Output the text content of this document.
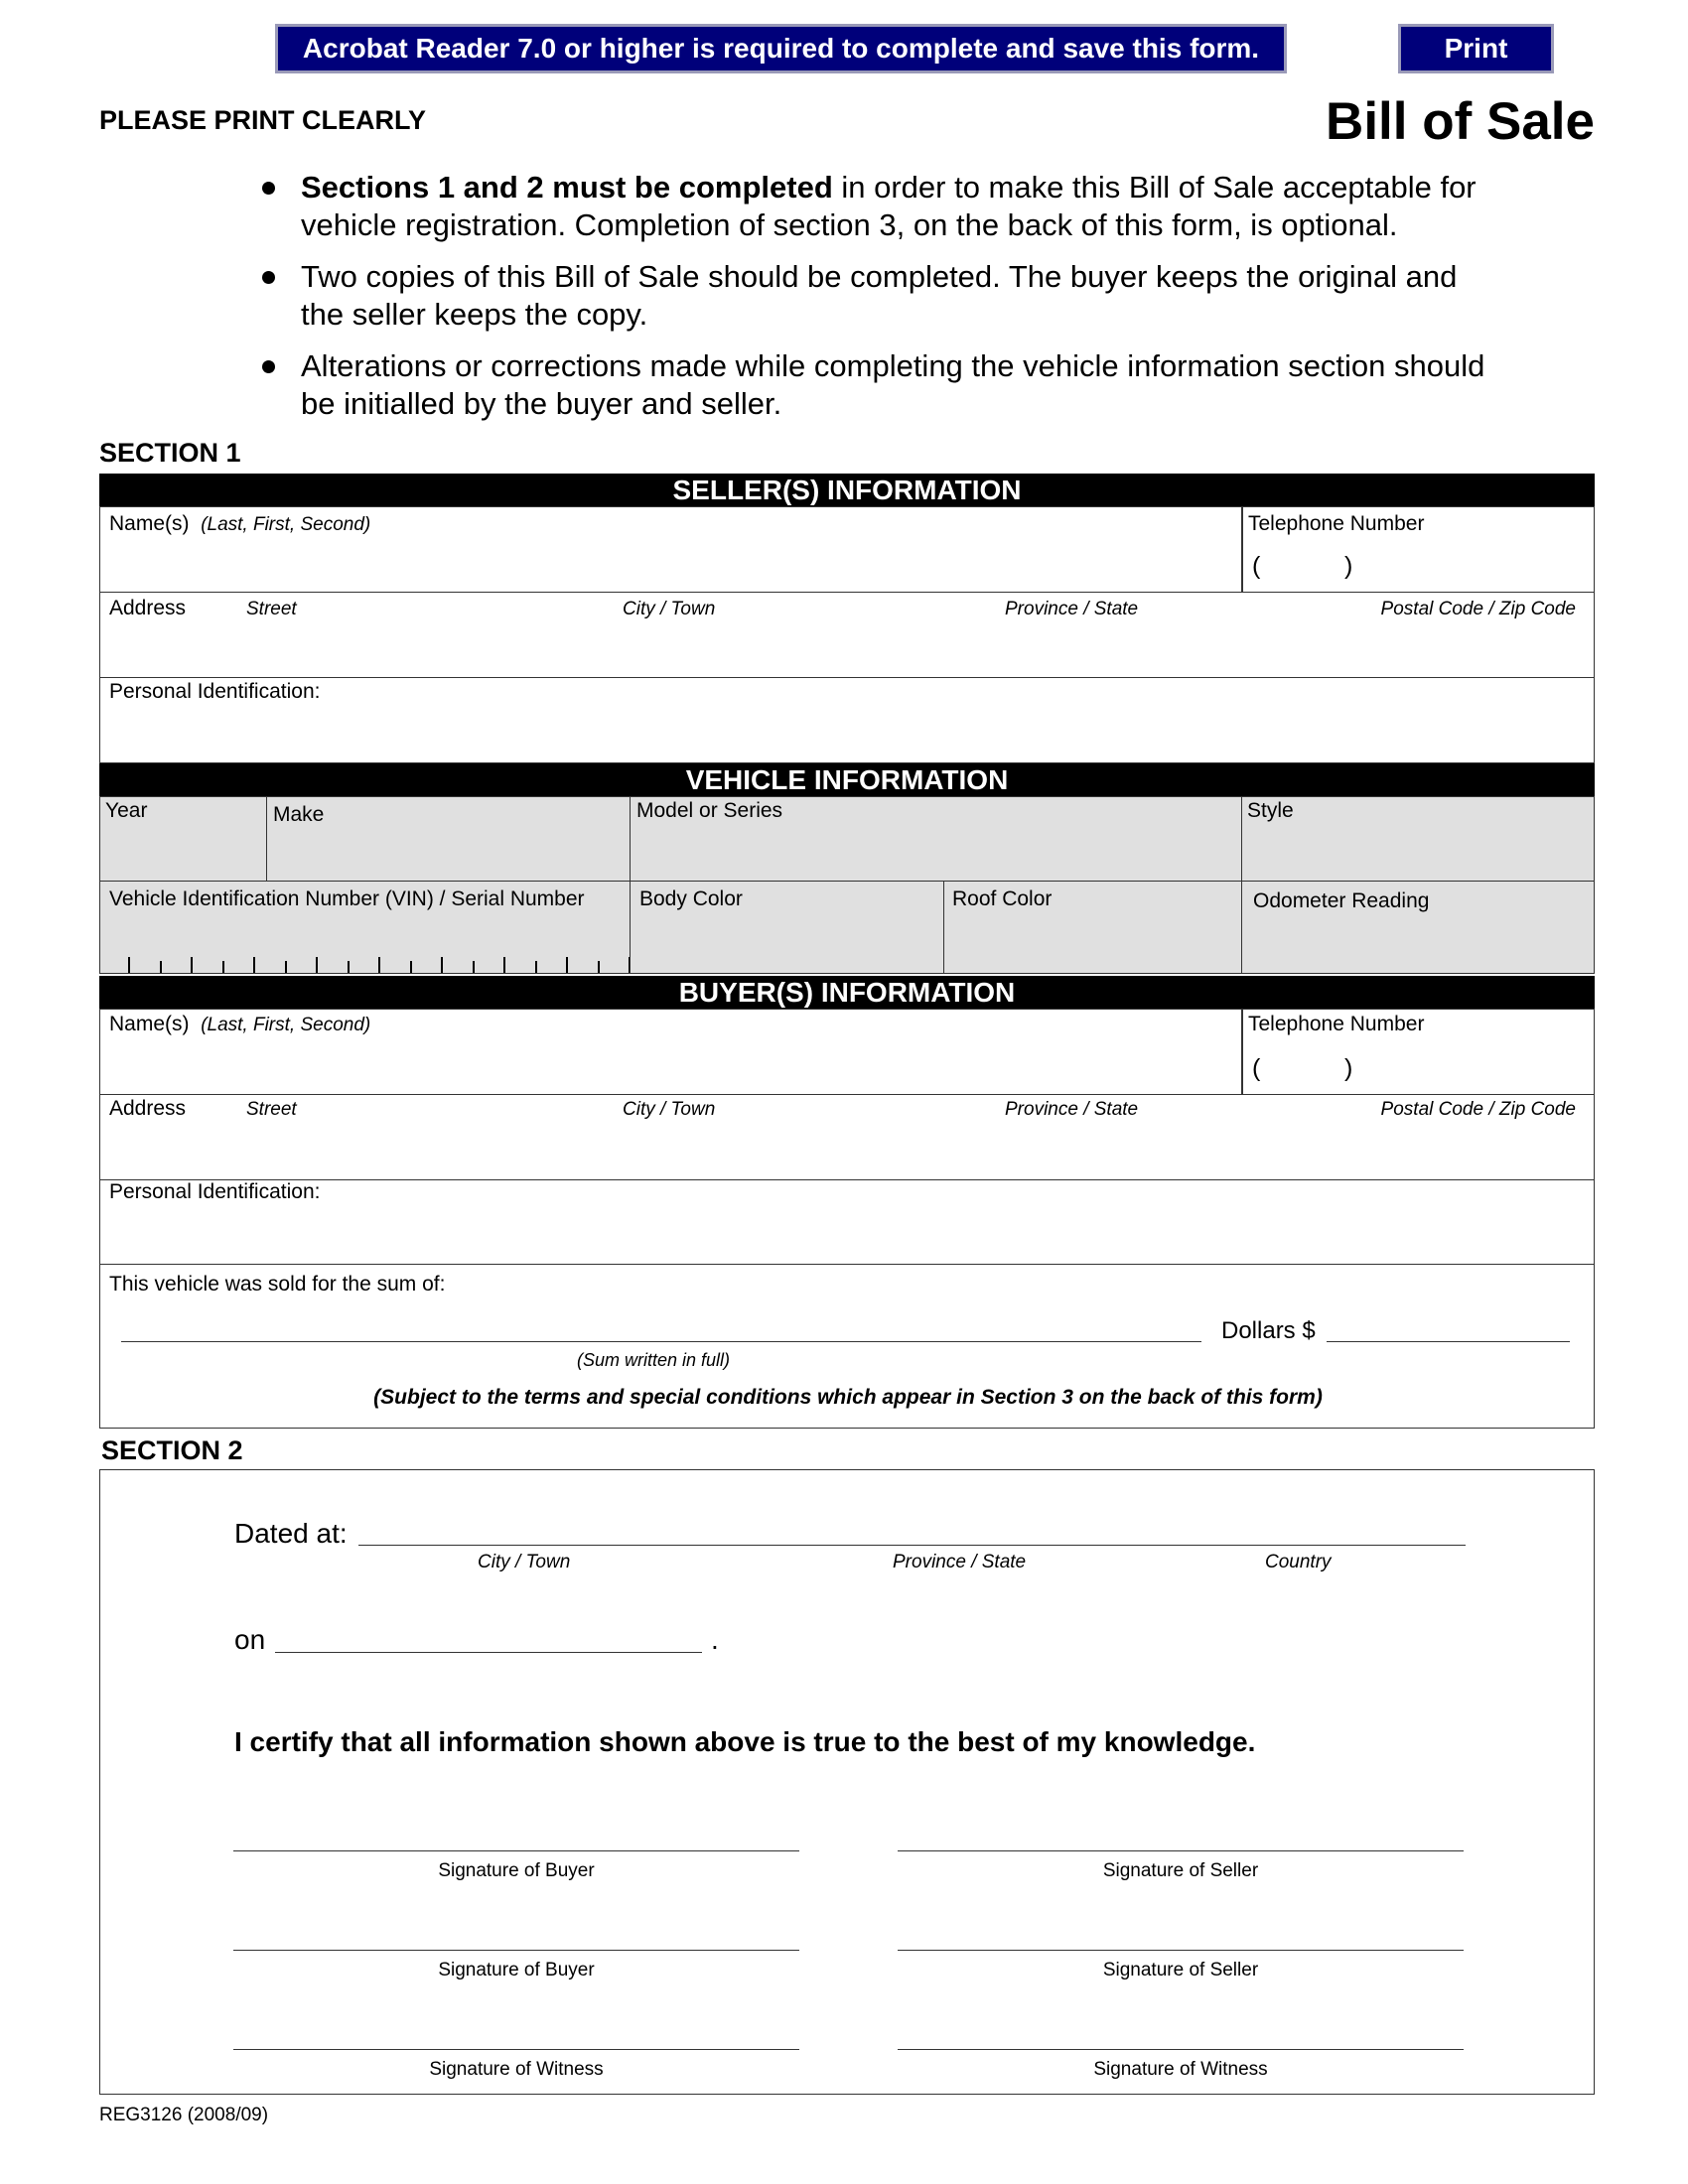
Acrobat Reader 7.0 or higher is required to complete and save this form.	Print
PLEASE PRINT CLEARLY	Bill of Sale
Sections 1 and 2 must be completed in order to make this Bill of Sale acceptable for vehicle registration. Completion of section 3, on the back of this form, is optional.
Two copies of this Bill of Sale should be completed. The buyer keeps the original and the seller keeps the copy.
Alterations or corrections made while completing the vehicle information section should be initialled by the buyer and seller.
SECTION 1
SELLER(S) INFORMATION
Name(s) (Last, First, Second)	Telephone Number
(	)
Address	Street	City / Town	Province / State	Postal Code / Zip Code
Personal Identification:
VEHICLE INFORMATION
Year	Make	Model or Series	Style
Vehicle Identification Number (VIN) / Serial Number	Body Color	Roof Color	Odometer Reading
BUYER(S) INFORMATION
Name(s) (Last, First, Second)	Telephone Number
(	)
Address	Street	City / Town	Province / State	Postal Code / Zip Code
Personal Identification:
This vehicle was sold for the sum of:
Dollars $
(Sum written in full)
(Subject to the terms and special conditions which appear in Section 3 on the back of this form)
SECTION 2
Dated at:
City / Town	Province / State	Country
on	.
I certify that all information shown above is true to the best of my knowledge.
Signature of Buyer	Signature of Seller
Signature of Buyer	Signature of Seller
Signature of Witness	Signature of Witness
REG3126 (2008/09)
